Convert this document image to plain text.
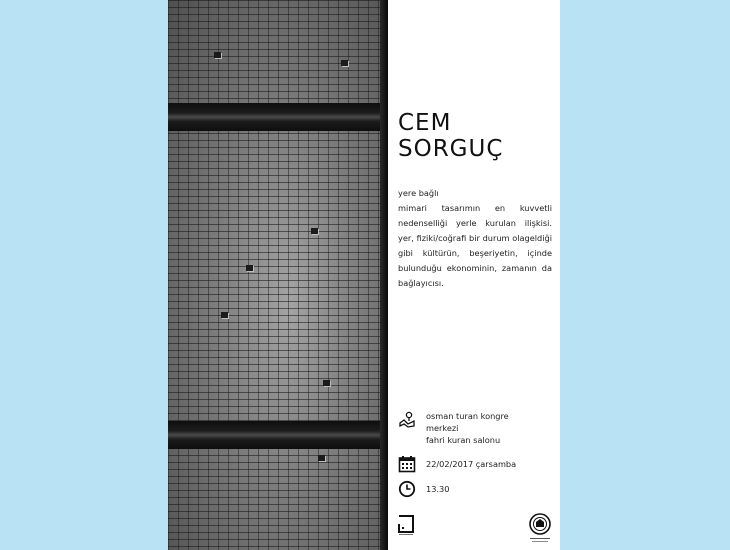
CEM SORGUÇ

yere bağlı
mimari tasarımın en kuvvetli nedenselliği yerle kurulan ilişkisi. yer, fiziki/coğrafi bir durum olageldiği gibi kültürün, beşeriyetin, içinde bulunduğu ekonominin, zamanın da bağlayıcısı.

osman turan kongre
merkezi
fahri kuran salonu
22/02/2017 çarsamba
13.30
